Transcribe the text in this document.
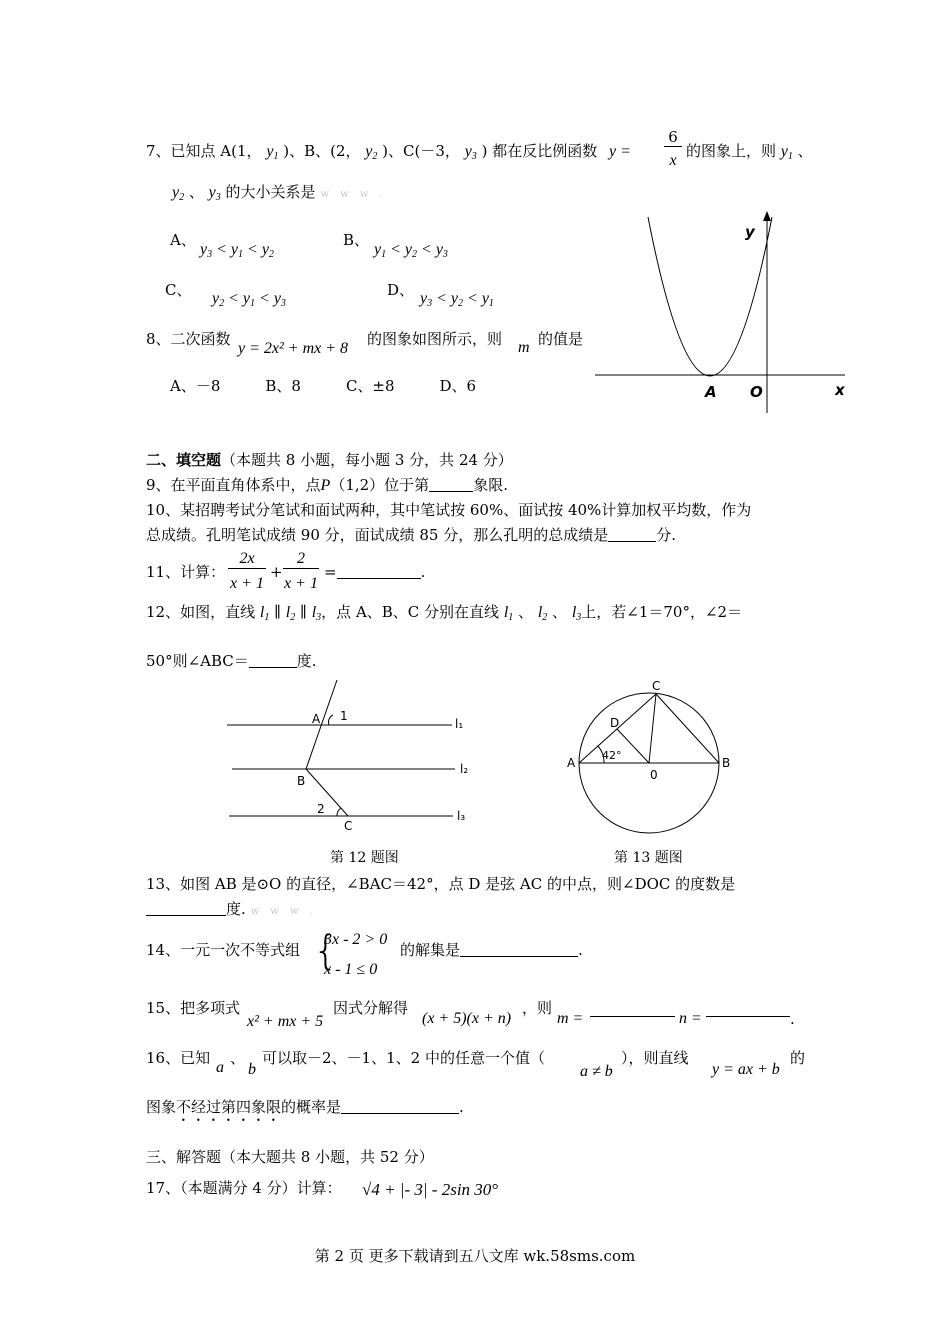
7、已知点 A(1， $y_1$ )、B、(2， $y_2$ )、C(－3， $y_3$ ) 都在反比例函数 y =
6
x
的图象上，则 $y_1$ 、
$y_2$ 、 $y_3$ 的大小关系是 w w w .
A、
$y_3 < y_1 < y_2$
B、
$y_1 < y_2 < y_3$
C、 $y_2 < y_1 < y_3$
D、 $y_3 < y_2 < y_1$
8、二次函数
y = 2x² + mx + 8
的图象如图所示，则 m 的值是
A、－8　　　B、8　　　C、±8　　　D、6
y
x
A O
二、填空题（本题共 8 小题，每小题 3 分，共 24 分）
9、在平面直角体系中，点P（1,2）位于第	象限.
10、某招聘考试分笔试和面试两种，其中笔试按 60%、面试按 40%计算加权平均数，作为
总成绩。孔明笔试成绩 90 分，面试成绩 85 分，那么孔明的总成绩是	分.
11、计算：
2x
x + 1
+
2
x + 1
=	.
12、如图，直线 $l_1$ ∥ $l_2$ ∥ $l_3$，点 A、B、C 分别在直线 $l_1$ 、 $l_2$ 、 $l_3$上，若∠1＝70°，∠2＝
50°则∠ABC＝	度.
A 1
B
2
C
l₁
l₂
l₃
第 12 题图
C
D
42°
A	B
0
第 13 题图
13、如图 AB 是⊙O 的直径，∠BAC＝42°，点 D 是弦 AC 的中点，则∠DOC 的度数是
度. w w w .
14、一元一次不等式组 {
3x - 2 > 0
x - 1 ≤ 0
的解集是	.
15、把多项式
x² + mx + 5
因式分解得
(x + 5)(x + n)
，则
m =	n =	.
16、已知
a
、
b
可以取－2、－1、1、2 中的任意一个值（
a ≠ b
），则直线
y = ax + b
的
图象不经过第四象限的概率是	.
三、解答题（本大题共 8 小题，共 52 分）
17、（本题满分 4 分）计算： √4 + |- 3| - 2sin 30°
第 2 页 更多下载请到五八文库 wk.58sms.com
